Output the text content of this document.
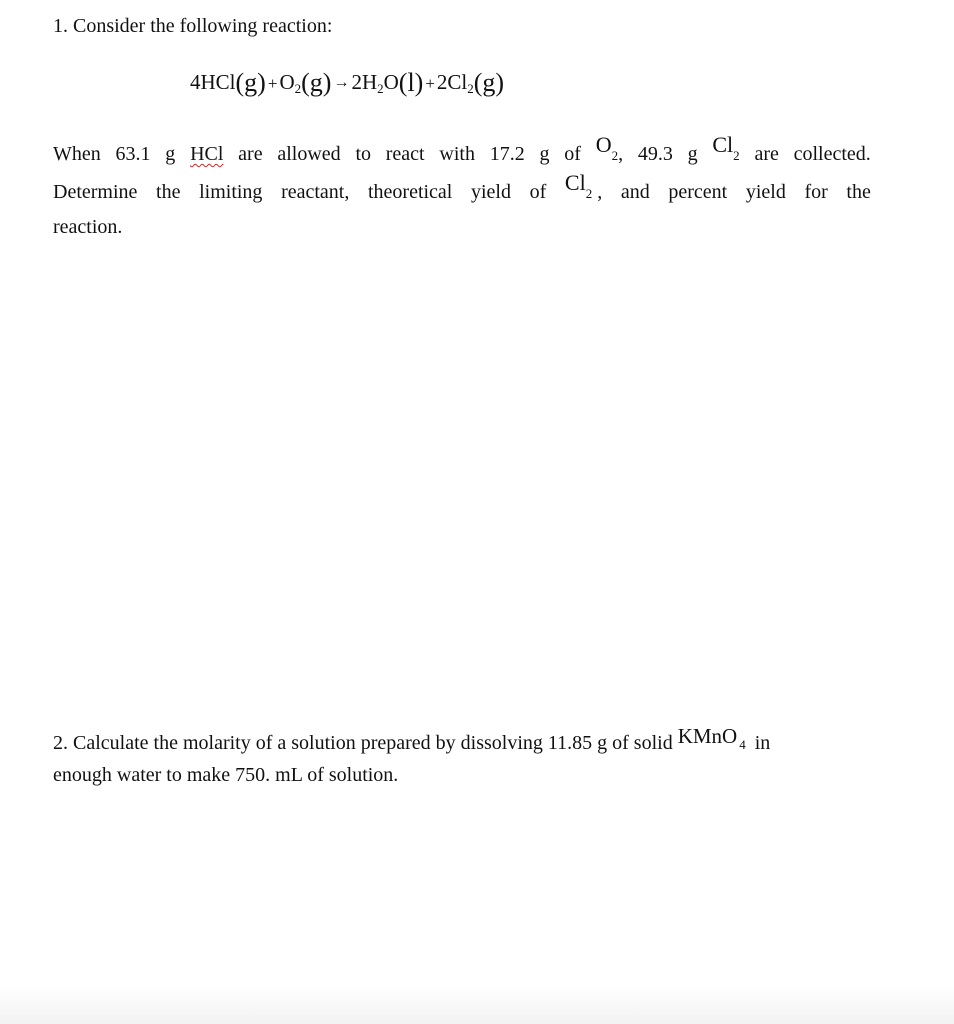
1. Consider the following reaction:
4HCl(g) +O2(g) →2H2O(l) +2Cl2(g)
When 63.1 g HCl are allowed to react with 17.2 g of O 2 , 49.3 g Cl 2 are collected.
Determine the limiting reactant, theoretical yield of Cl 2 , and percent yield for the
reaction.
2. Calculate the molarity of a solution prepared by dissolving 11.85 g of solid KMnO 4 in
enough water to make 750. mL of solution.
